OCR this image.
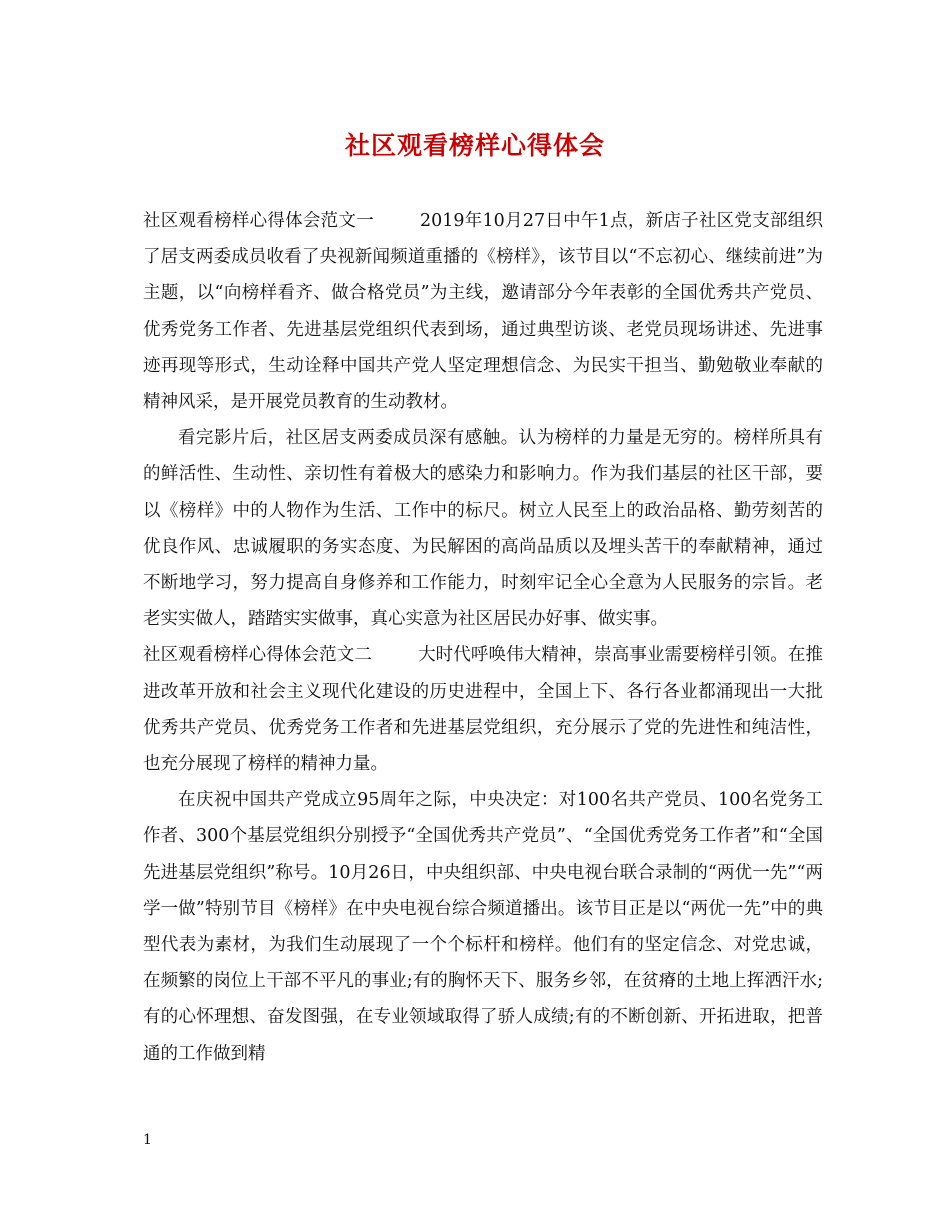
社区观看榜样心得体会

社区观看榜样心得体会范文一	2019年10月27日中午1点，新店子社区党支部组织了居支两委成员收看了央视新闻频道重播的《榜样》，该节目以“不忘初心、继续前进”为主题，以“向榜样看齐、做合格党员”为主线，邀请部分今年表彰的全国优秀共产党员、优秀党务工作者、先进基层党组织代表到场，通过典型访谈、老党员现场讲述、先进事迹再现等形式，生动诠释中国共产党人坚定理想信念、为民实干担当、勤勉敬业奉献的精神风采，是开展党员教育的生动教材。

看完影片后，社区居支两委成员深有感触。认为榜样的力量是无穷的。榜样所具有的鲜活性、生动性、亲切性有着极大的感染力和影响力。作为我们基层的社区干部，要以《榜样》中的人物作为生活、工作中的标尺。树立人民至上的政治品格、勤劳刻苦的优良作风、忠诚履职的务实态度、为民解困的高尚品质以及埋头苦干的奉献精神，通过不断地学习，努力提高自身修养和工作能力，时刻牢记全心全意为人民服务的宗旨。老老实实做人，踏踏实实做事，真心实意为社区居民办好事、做实事。

社区观看榜样心得体会范文二	大时代呼唤伟大精神，崇高事业需要榜样引领。在推进改革开放和社会主义现代化建设的历史进程中，全国上下、各行各业都涌现出一大批优秀共产党员、优秀党务工作者和先进基层党组织，充分展示了党的先进性和纯洁性，也充分展现了榜样的精神力量。

在庆祝中国共产党成立95周年之际，中央决定：对100名共产党员、100名党务工作者、300个基层党组织分别授予“全国优秀共产党员”、“全国优秀党务工作者”和“全国先进基层党组织”称号。10月26日，中央组织部、中央电视台联合录制的“两优一先”“两学一做”特别节目《榜样》在中央电视台综合频道播出。该节目正是以“两优一先”中的典型代表为素材，为我们生动展现了一个个标杆和榜样。他们有的坚定信念、对党忠诚，在频繁的岗位上干部不平凡的事业;有的胸怀天下、服务乡邻，在贫瘠的土地上挥洒汗水;有的心怀理想、奋发图强，在专业领域取得了骄人成绩;有的不断创新、开拓进取，把普通的工作做到精

1
